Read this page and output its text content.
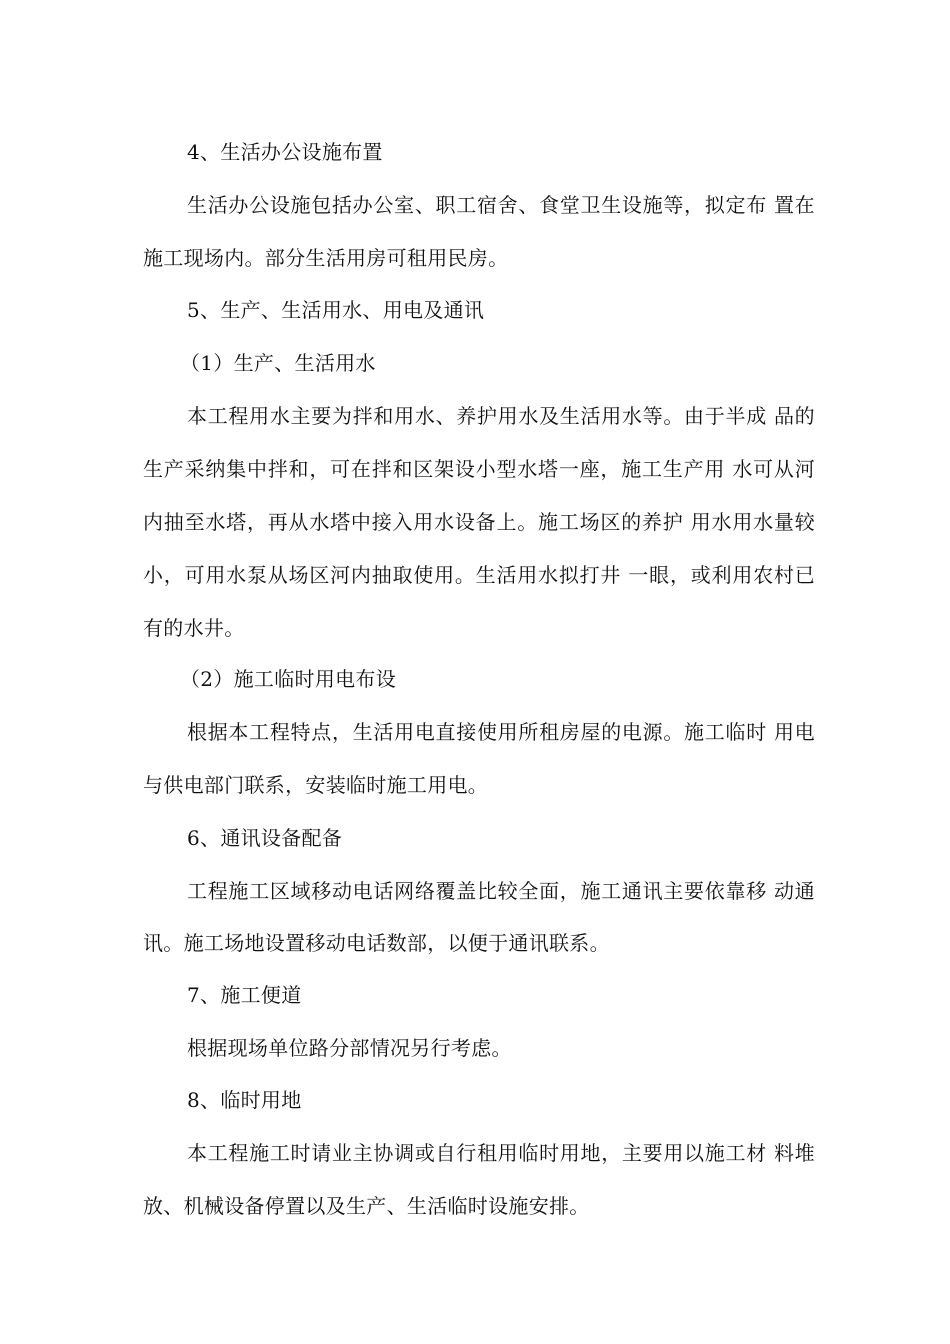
4、生活办公设施布置
生活办公设施包括办公室、职工宿舍、食堂卫生设施等，拟定布 置在
施工现场内。部分生活用房可租用民房。
5、生产、生活用水、用电及通讯
（1）生产、生活用水
本工程用水主要为拌和用水、养护用水及生活用水等。由于半成 品的
生产采纳集中拌和，可在拌和区架设小型水塔一座，施工生产用 水可从河
内抽至水塔，再从水塔中接入用水设备上。施工场区的养护 用水用水量较
小，可用水泵从场区河内抽取使用。生活用水拟打井 一眼，或利用农村已
有的水井。
（2）施工临时用电布设
根据本工程特点，生活用电直接使用所租房屋的电源。施工临时 用电
与供电部门联系，安装临时施工用电。
6、通讯设备配备
工程施工区域移动电话网络覆盖比较全面，施工通讯主要依靠移 动通
讯。施工场地设置移动电话数部，以便于通讯联系。
7、施工便道
根据现场单位路分部情况另行考虑。
8、临时用地
本工程施工时请业主协调或自行租用临时用地，主要用以施工材 料堆
放、机械设备停置以及生产、生活临时设施安排。
